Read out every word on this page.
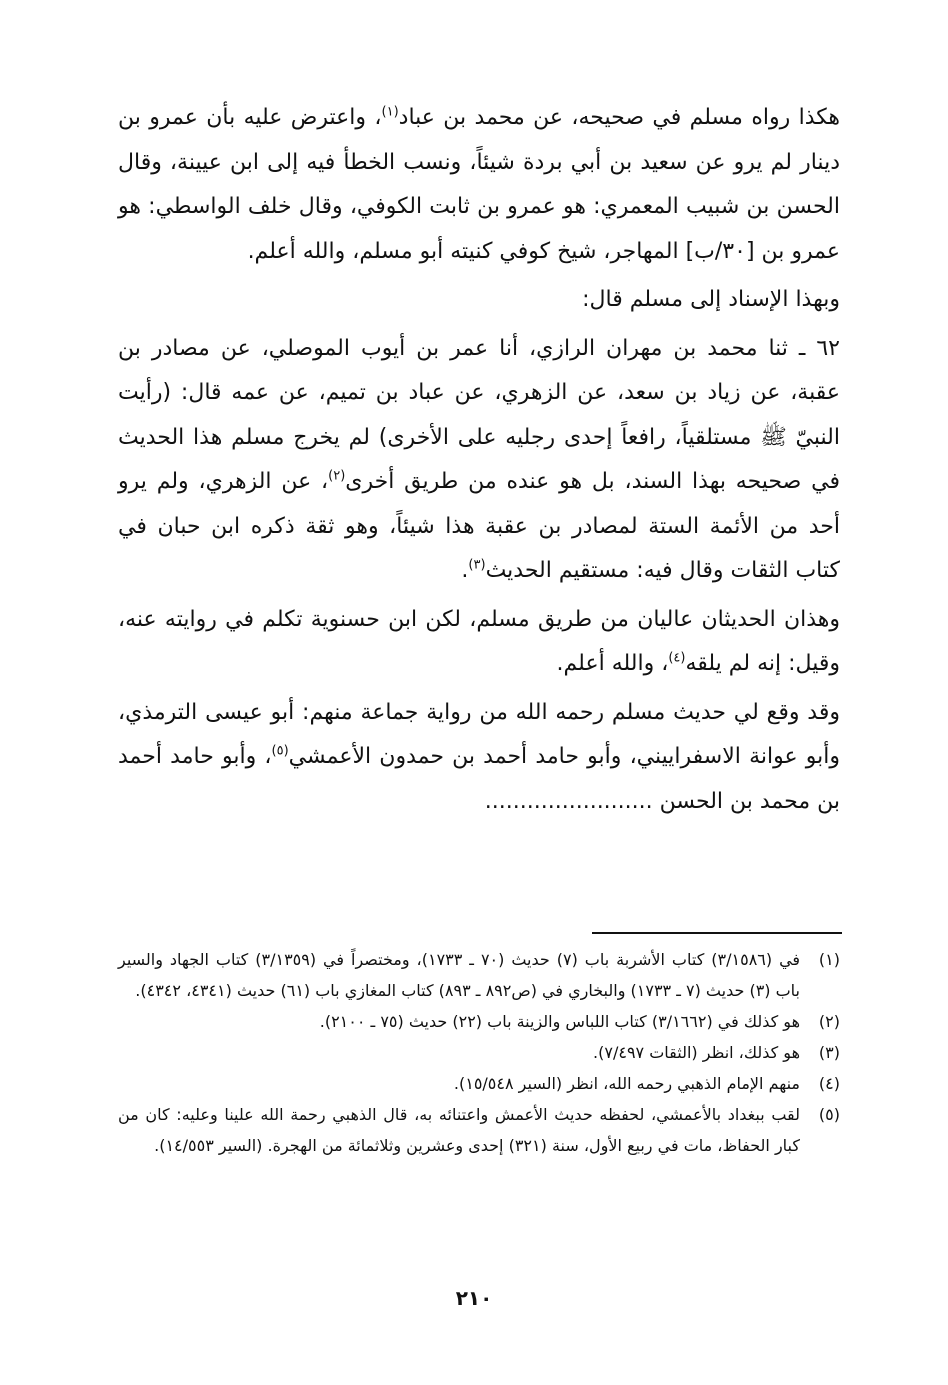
هكذا رواه مسلم في صحيحه، عن محمد بن عباد$^{(١)}$، واعترض عليه بأن عمرو بن دينار لم يرو عن سعيد بن أبي بردة شيئاً، ونسب الخطأ فيه إلى ابن عيينة، وقال الحسن بن شبيب المعمري: هو عمرو بن ثابت الكوفي، وقال خلف الواسطي: هو عمرو بن [٣٠/ب] المهاجر، شيخ كوفي كنيته أبو مسلم، والله أعلم.

وبهذا الإسناد إلى مسلم قال:

٦٢ ـ ثنا محمد بن مهران الرازي، أنا عمر بن أيوب الموصلي، عن مصادر بن عقبة، عن زياد بن سعد، عن الزهري، عن عباد بن تميم، عن عمه قال: (رأيت النبيّ ﷺ مستلقياً، رافعاً إحدى رجليه على الأخرى) لم يخرج مسلم هذا الحديث في صحيحه بهذا السند، بل هو عنده من طريق أخرى$^{(٢)}$، عن الزهري، ولم يرو أحد من الأئمة الستة لمصادر بن عقبة هذا شيئاً، وهو ثقة ذكره ابن حبان في كتاب الثقات وقال فيه: مستقيم الحديث$^{(٣)}$.

وهذان الحديثان عاليان من طريق مسلم، لكن ابن حسنوية تكلم في روايته عنه، وقيل: إنه لم يلقه$^{(٤)}$، والله أعلم.

وقد وقع لي حديث مسلم رحمه الله من رواية جماعة منهم: أبو عيسى الترمذي، وأبو عوانة الاسفراييني، وأبو حامد أحمد بن حمدون الأعمشي$^{(٥)}$، وأبو حامد أحمد بن محمد بن الحسن ........................

(١)
في (٣/١٥٨٦) كتاب الأشربة باب (٧) حديث (٧٠ ـ ١٧٣٣)، ومختصراً في (٣/١٣٥٩) كتاب الجهاد والسير باب (٣) حديث (٧ ـ ١٧٣٣) والبخاري في (ص٨٩٢ ـ ٨٩٣) كتاب المغازي باب (٦١) حديث (٤٣٤١، ٤٣٤٢).
(٢)
هو كذلك في (٣/١٦٦٢) كتاب اللباس والزينة باب (٢٢) حديث (٧٥ ـ ٢١٠٠).
(٣)
هو كذلك، انظر (الثقات ٧/٤٩٧).
(٤)
منهم الإمام الذهبي رحمه الله، انظر (السير ١٥/٥٤٨).
(٥)
لقب ببغداد بالأعمشي، لحفظه حديث الأعمش واعتنائه به، قال الذهبي رحمة الله علينا وعليه: كان من كبار الحفاظ، مات في ربيع الأول، سنة (٣٢١) إحدى وعشرين وثلاثمائة من الهجرة. (السير ١٤/٥٥٣).
٢١٠
